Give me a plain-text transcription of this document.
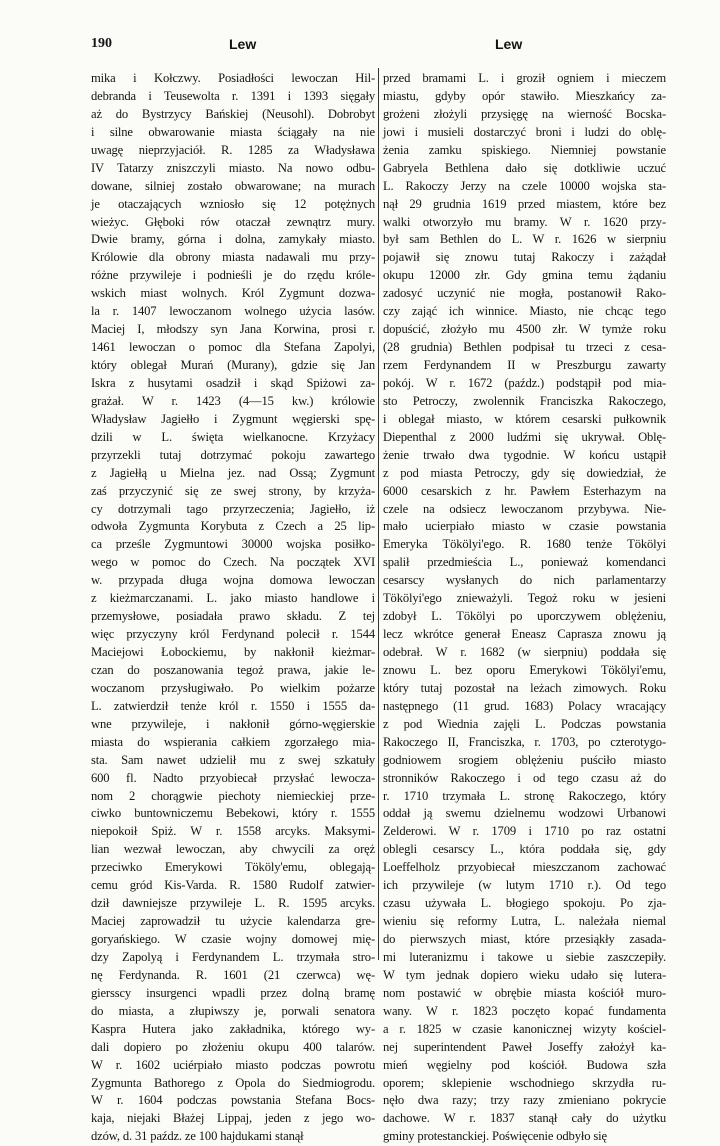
190	Lew	Lew
mika i Kołczwy. Posiadłości lewoczan Hil-
debranda i Teusewolta r. 1391 i 1393 sięgały
aż do Bystrzycy Bańskiej (Neusohl). Dobrobyt
i silne obwarowanie miasta ściągały na nie
uwagę nieprzyjaciół. R. 1285 za Władysława
IV Tatarzy zniszczyli miasto. Na nowo odbu-
dowane, silniej zostało obwarowane; na murach
je otaczających wzniosło się 12 potężnych
wieżyc. Głęboki rów otaczał zewnątrz mury.
Dwie bramy, górna i dolna, zamykały miasto.
Królowie dla obrony miasta nadawali mu przy-
różne przywileje i podnieśli je do rzędu króle-
wskich miast wolnych. Król Zygmunt dozwa-
la r. 1407 lewoczanom wolnego użycia lasów.
Maciej I, młodszy syn Jana Korwina, prosi r.
1461 lewoczan o pomoc dla Stefana Zapolyi,
który oblegał Murań (Murany), gdzie się Jan
Iskra z husytami osadził i skąd Spiżowi za-
grażał. W r. 1423 (4—15 kw.) królowie
Władysław Jagiełło i Zygmunt węgierski spę-
dzili w L. święta wielkanocne. Krzyżacy
przyrzekli tutaj dotrzymać pokoju zawartego
z Jagiełłą u Mielna jez. nad Ossą; Zygmunt
zaś przyczynić się ze swej strony, by krzyża-
cy dotrzymali tago przyrzeczenia; Jagiełło, iż
odwoła Zygmunta Korybuta z Czech a 25 lip-
ca prześle Zygmuntowi 30000 wojska posiłko-
wego w pomoc do Czech. Na początek XVI
w. przypada długa wojna domowa lewoczan
z kieżmarczanami. L. jako miasto handlowe i
przemysłowe, posiadała prawo składu. Z tej
więc przyczyny król Ferdynand polecił r. 1544
Maciejowi Łobockiemu, by nakłonił kieżmar-
czan do poszanowania tegoż prawa, jakie le-
woczanom przysługiwało. Po wielkim pożarze
L. zatwierdził tenże król r. 1550 i 1555 da-
wne przywileje, i nakłonił górno-węgierskie
miasta do wspierania całkiem zgorzałego mia-
sta. Sam nawet udzielił mu z swej szkatuły
600 fl. Nadto przyobiecał przysłać lewocza-
nom 2 chorągwie piechoty niemieckiej prze-
ciwko buntowniczemu Bebekowi, który r. 1555
niepokoił Spiż. W r. 1558 arcyks. Maksymi-
lian wezwał lewoczan, aby chwycili za oręż
przeciwko Emerykowi Tököly'emu, oblegają-
cemu gród Kis-Varda. R. 1580 Rudolf zatwier-
dził dawniejsze przywileje L. R. 1595 arcyks.
Maciej zaprowadził tu użycie kalendarza gre-
goryańskiego. W czasie wojny domowej mię-
dzy Zapolyą i Ferdynandem L. trzymała stro-
nę Ferdynanda. R. 1601 (21 czerwca) wę-
giersscy insurgenci wpadli przez dolną bramę
do miasta, a złupiwszy je, porwali senatora
Kaspra Hutera jako zakładnika, którego wy-
dali dopiero po złożeniu okupu 400 talarów.
W r. 1602 uciérpiało miasto podczas powrotu
Zygmunta Bathorego z Opola do Siedmiogrodu.
W r. 1604 podczas powstania Stefana Bocs-
kaja, niejaki Błażej Lippaj, jeden z jego wo-
dzów, d. 31 paźdz. ze 100 hajdukami stanął
przed bramami L. i groził ogniem i mieczem
miastu, gdyby opór stawiło. Mieszkańcy za-
grożeni złożyli przysięgę na wierność Bocska-
jowi i musieli dostarczyć broni i ludzi do oblę-
żenia zamku spiskiego. Niemniej powstanie
Gabryela Bethlena dało się dotkliwie uczuć
L. Rakoczy Jerzy na czele 10000 wojska sta-
nął 29 grudnia 1619 przed miastem, które bez
walki otworzyło mu bramy. W r. 1620 przy-
był sam Bethlen do L. W r. 1626 w sierpniu
pojawił się znowu tutaj Rakoczy i zażądał
okupu 12000 złr. Gdy gmina temu żądaniu
zadosyć uczynić nie mogła, postanowił Rako-
czy zająć ich winnice. Miasto, nie chcąc tego
dopuścić, złożyło mu 4500 złr. W tymże roku
(28 grudnia) Bethlen podpisał tu trzeci z cesa-
rzem Ferdynandem II w Preszburgu zawarty
pokój. W r. 1672 (paźdz.) podstąpił pod mia-
sto Petroczy, zwolennik Franciszka Rakoczego,
i oblegał miasto, w którem cesarski pułkownik
Diepenthal z 2000 ludźmi się ukrywał. Oblę-
żenie trwało dwa tygodnie. W końcu ustąpił
z pod miasta Petroczy, gdy się dowiedział, że
6000 cesarskich z hr. Pawłem Esterhazym na
czele na odsiecz lewoczanom przybywa. Nie-
mało ucierpiało miasto w czasie powstania
Emeryka Tökölyi'ego. R. 1680 tenże Tökölyi
spalił przedmieścia L., ponieważ komendanci
cesarscy wysłanych do nich parlamentarzy
Tökölyi'ego znieważyli. Tegoż roku w jesieni
zdobył L. Tökölyi po uporczywem oblężeniu,
lecz wkrótce generał Eneasz Caprasza znowu ją
odebrał. W r. 1682 (w sierpniu) poddała się
znowu L. bez oporu Emerykowi Tökölyi'emu,
który tutaj pozostał na leżach zimowych. Roku
następnego (11 grud. 1683) Polacy wracający
z pod Wiednia zajęli L. Podczas powstania
Rakoczego II, Franciszka, r. 1703, po czterotygo-
godniowem srogiem oblężeniu puściło miasto
stronników Rakoczego i od tego czasu aż do
r. 1710 trzymała L. stronę Rakoczego, który
oddał ją swemu dzielnemu wodzowi Urbanowi
Zelderowi. W r. 1709 i 1710 po raz ostatni
oblegli cesarscy L., która poddała się, gdy
Loeffelholz przyobiecał mieszczanom zachować
ich przywileje (w lutym 1710 r.). Od tego
czasu używała L. błogiego spokoju. Po zja-
wieniu się reformy Lutra, L. należała niemal
do pierwszych miast, które przesiąkły zasada-
mi luteranizmu i takowe u siebie zaszczepiły.
W tym jednak dopiero wieku udało się lutera-
nom postawić w obrębie miasta kościół muro-
wany. W r. 1823 poczęto kopać fundamenta
a r. 1825 w czasie kanonicznej wizyty kościel-
nej superintendent Paweł Joseffy założył ka-
mień węgielny pod kościół. Budowa szła
oporem; sklepienie wschodniego skrzydła ru-
nęło dwa razy; trzy razy zmieniano pokrycie
dachowe. W r. 1837 stanął cały do użytku
gminy protestanckiej. Poświęcenie odbyło się
